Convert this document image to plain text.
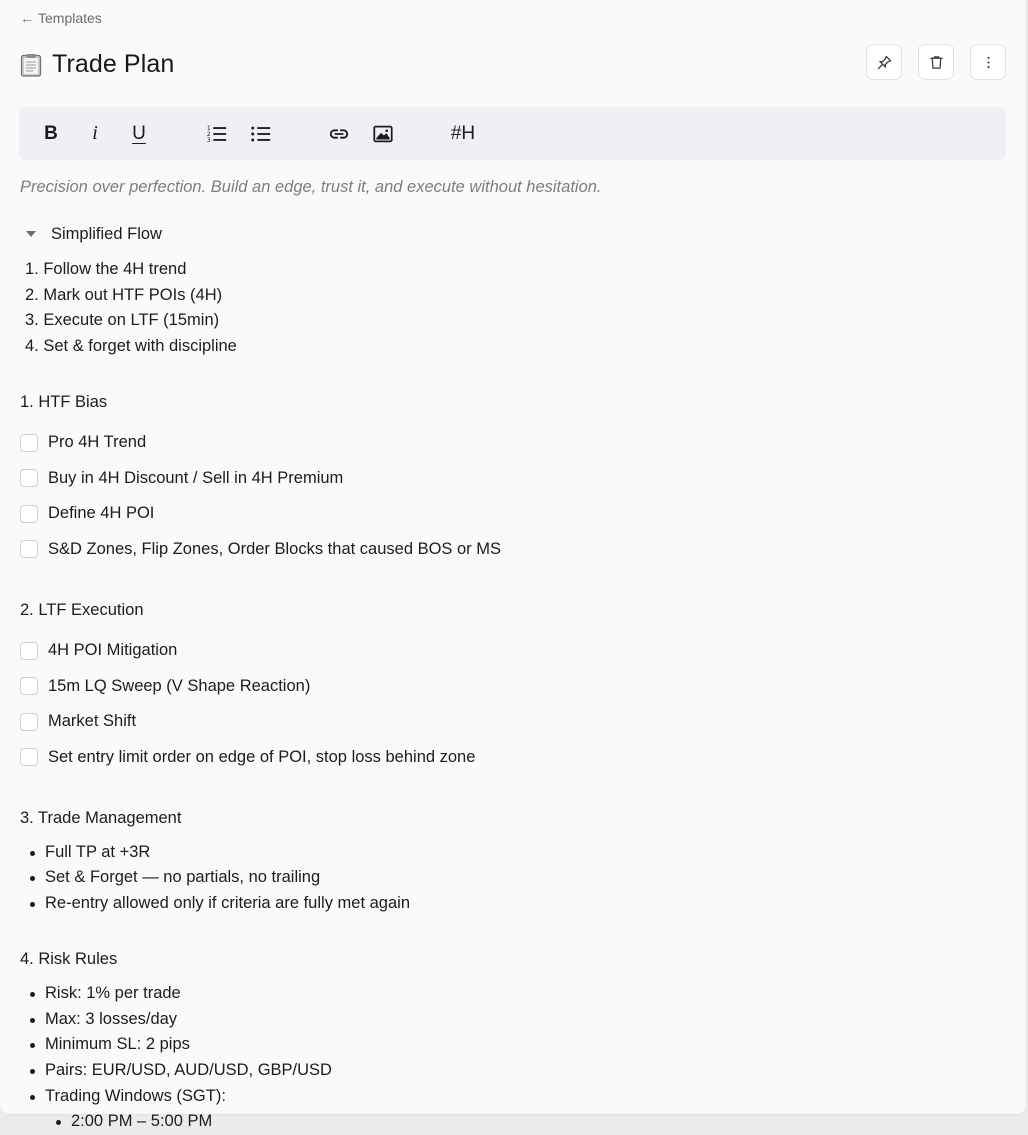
← Templates
Trade Plan
B	i	U	1
2
3	#H
Precision over perfection. Build an edge, trust it, and execute without hesitation.
Simplified Flow
1. Follow the 4H trend
2. Mark out HTF POIs (4H)
3. Execute on LTF (15min)
4. Set & forget with discipline
1. HTF Bias
Pro 4H Trend
Buy in 4H Discount / Sell in 4H Premium
Define 4H POI
S&D Zones, Flip Zones, Order Blocks that caused BOS or MS
2. LTF Execution
4H POI Mitigation
15m LQ Sweep (V Shape Reaction)
Market Shift
Set entry limit order on edge of POI, stop loss behind zone
3. Trade Management
Full TP at +3R
Set & Forget — no partials, no trailing
Re-entry allowed only if criteria are fully met again
4. Risk Rules
Risk: 1% per trade
Max: 3 losses/day
Minimum SL: 2 pips
Pairs: EUR/USD, AUD/USD, GBP/USD
Trading Windows (SGT):
2:00 PM – 5:00 PM
